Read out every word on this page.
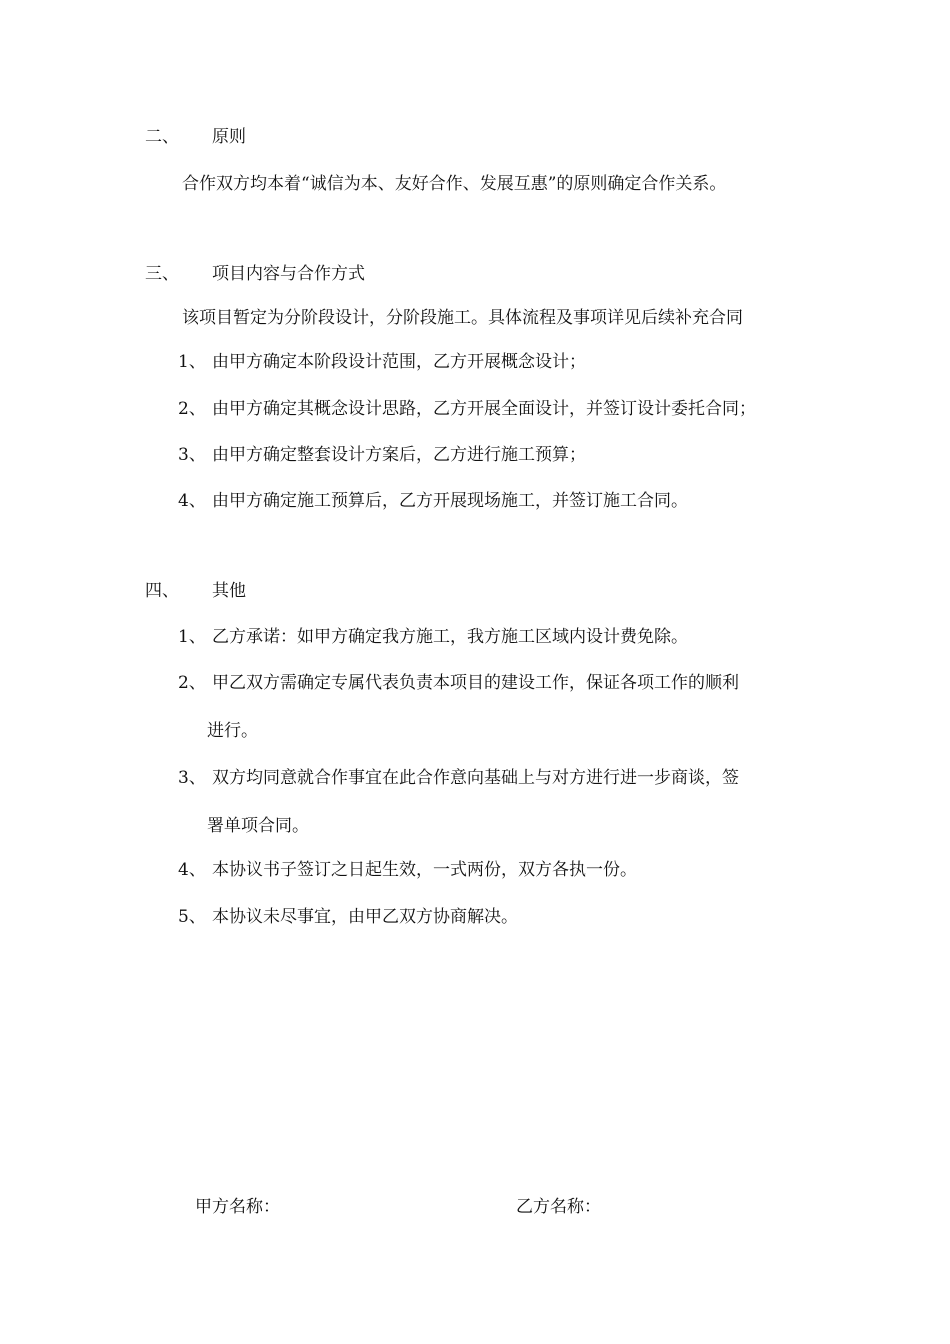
二、 原则
合作双方均本着“诚信为本、友好合作、发展互惠”的原则确定合作关系。
三、 项目内容与合作方式
该项目暂定为分阶段设计，分阶段施工。具体流程及事项详见后续补充合同
1、 由甲方确定本阶段设计范围，乙方开展概念设计；
2、 由甲方确定其概念设计思路，乙方开展全面设计，并签订设计委托合同；
3、 由甲方确定整套设计方案后，乙方进行施工预算；
4、 由甲方确定施工预算后，乙方开展现场施工，并签订施工合同。
四、 其他
1、 乙方承诺：如甲方确定我方施工，我方施工区域内设计费免除。
2、 甲乙双方需确定专属代表负责本项目的建设工作，保证各项工作的顺利
进行。
3、 双方均同意就合作事宜在此合作意向基础上与对方进行进一步商谈，签
署单项合同。
4、 本协议书子签订之日起生效，一式两份，双方各执一份。
5、 本协议未尽事宜，由甲乙双方协商解决。
甲方名称：	乙方名称：
